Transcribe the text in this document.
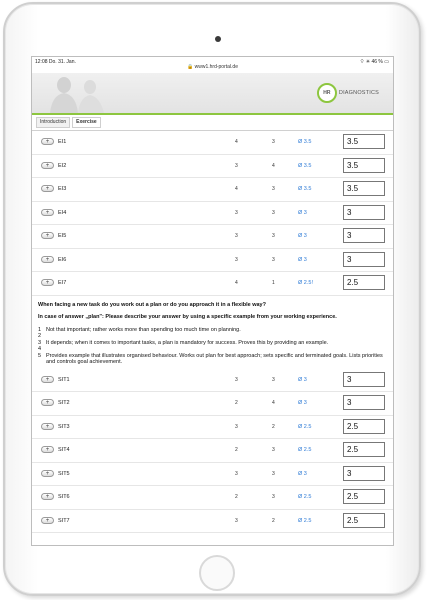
12:08 Do. 31. Jan.
🔒 www1.hrd-portal.de
⌔ ✳ 46 % ▭
HR	DIAGNOSTICS
Introduction	Exercise
+	EI1	4	3	Ø 3.5	3.5
+	EI2	3	4	Ø 3.5	3.5
+	EI3	4	3	Ø 3.5	3.5
+	EI4	3	3	Ø 3	3
+	EI5	3	3	Ø 3	3
+	EI6	3	3	Ø 3	3
+	EI7	4	1	Ø 2.5!	2.5
When facing a new task do you work out a plan or do you approach it in a flexible way?
In case of answer „plan": Please describe your answer by using a specific example from your working experience.
1 Not that important; rather works more than spending too much time on planning.
2
3 It depends; when it comes to important tasks, a plan is mandatory for success. Proves this by providing an example.
4
5 Provides example that illustrates organised behaviour. Works out plan for best approach; sets specific and terminated goals. Lists priorities and controls goal achievement.
+	SIT1	3	3	Ø 3	3
+	SIT2	2	4	Ø 3	3
+	SIT3	3	2	Ø 2.5	2.5
+	SIT4	2	3	Ø 2.5	2.5
+	SIT5	3	3	Ø 3	3
+	SIT6	2	3	Ø 2.5	2.5
+	SIT7	3	2	Ø 2.5	2.5
